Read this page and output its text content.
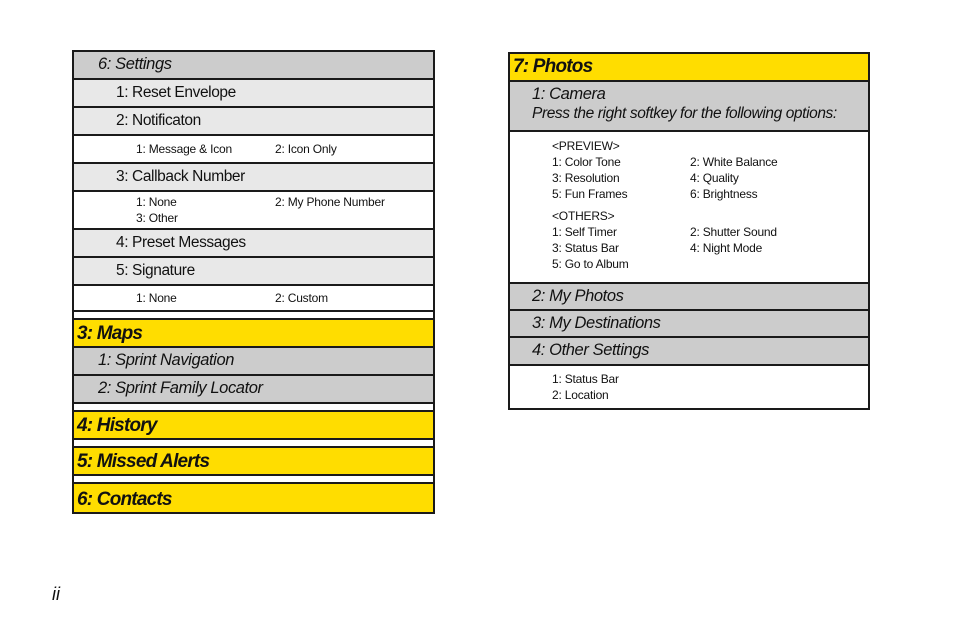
6: Settings
1: Reset Envelope
2: Notificaton
1: Message & Icon	2: Icon Only
3: Callback Number
1: None	2: My Phone Number
3: Other
4: Preset Messages
5: Signature
1: None	2: Custom
3: Maps
1: Sprint Navigation
2: Sprint Family Locator
4: History
5: Missed Alerts
6: Contacts
7: Photos
1: Camera
Press the right softkey for the following options:
<PREVIEW>
1: Color Tone	2: White Balance
3: Resolution	4: Quality
5: Fun Frames	6: Brightness
<OTHERS>
1: Self Timer	2: Shutter Sound
3: Status Bar	4: Night Mode
5: Go to Album
2: My Photos
3: My Destinations
4: Other Settings
1: Status Bar
2: Location
ii
